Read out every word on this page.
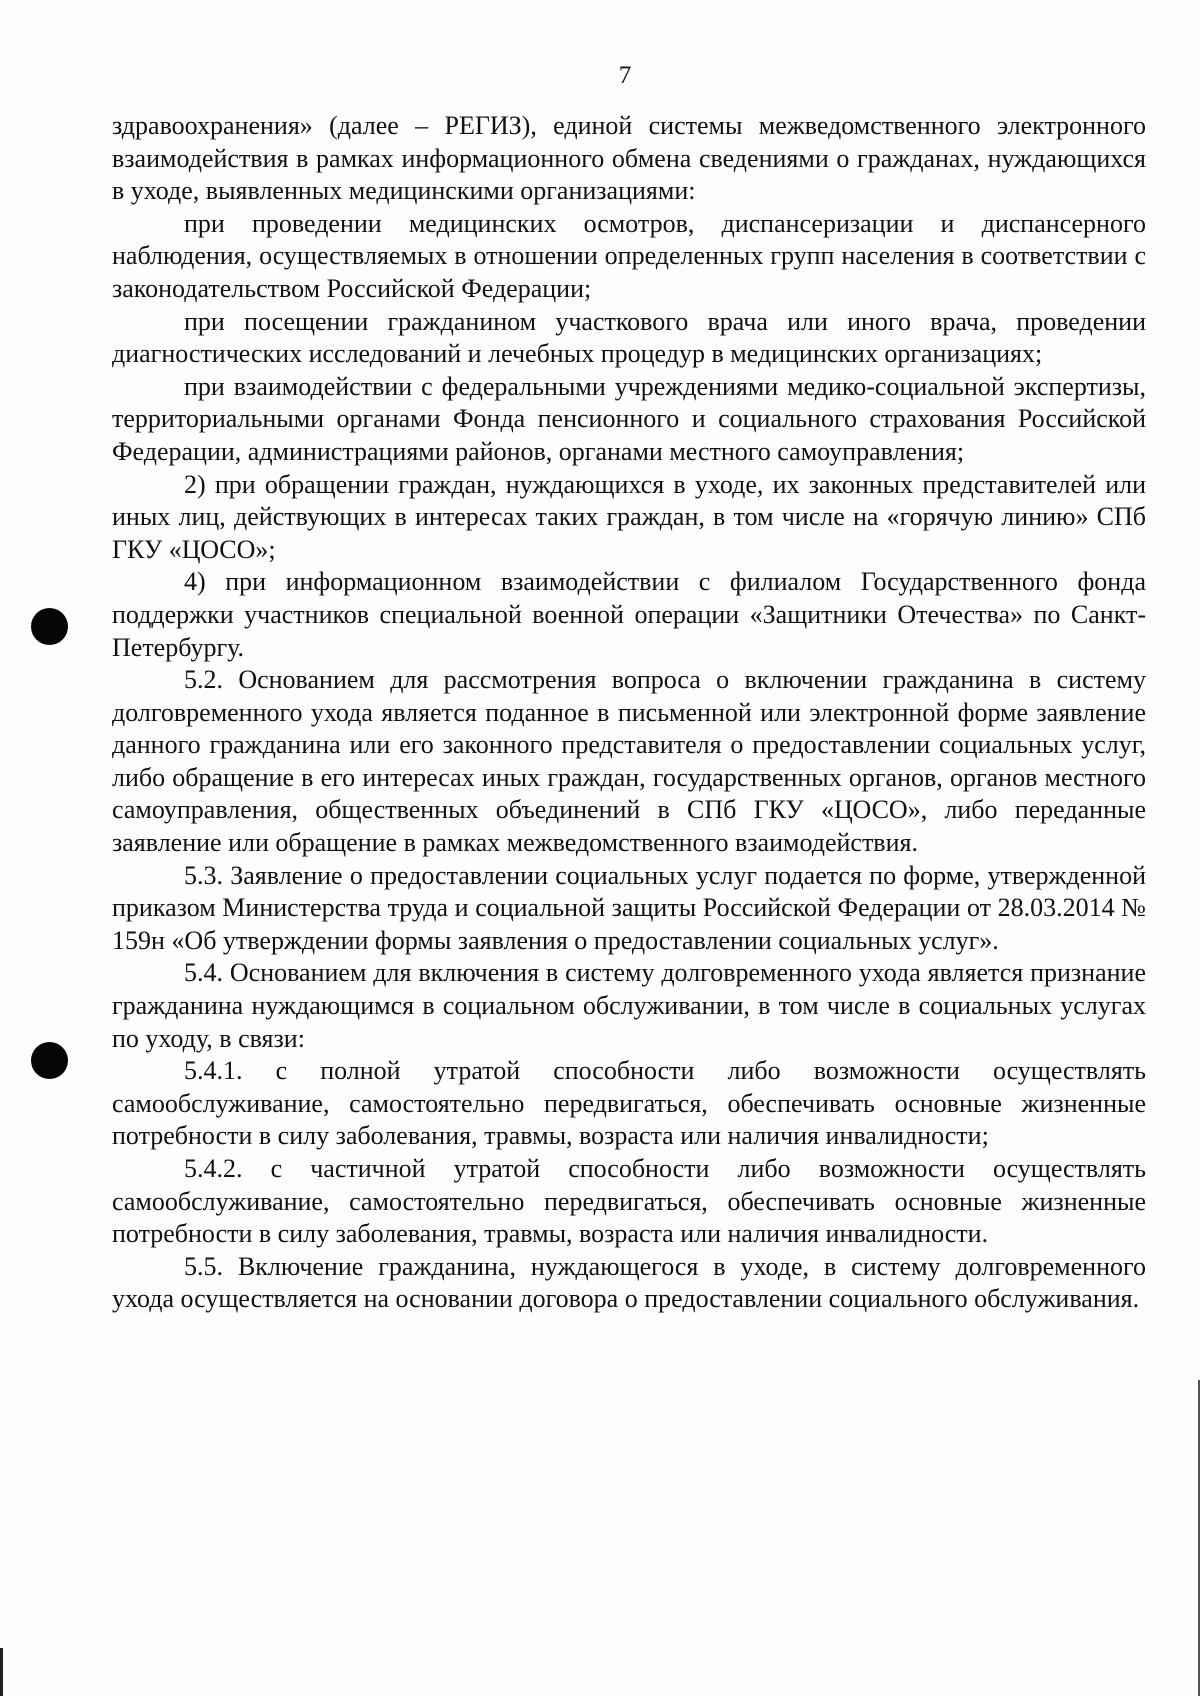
7

здравоохранения» (далее – РЕГИЗ), единой системы межведомственного электронного взаимодействия в рамках информационного обмена сведениями о гражданах, нуждающихся в уходе, выявленных медицинскими организациями:

при проведении медицинских осмотров, диспансеризации и диспансерного наблюдения, осуществляемых в отношении определенных групп населения в соответствии с законодательством Российской Федерации;

при посещении гражданином участкового врача или иного врача, проведении диагностических исследований и лечебных процедур в медицинских организациях;

при взаимодействии с федеральными учреждениями медико-социальной экспертизы, территориальными органами Фонда пенсионного и социального страхования Российской Федерации, администрациями районов, органами местного самоуправления;

2) при обращении граждан, нуждающихся в уходе, их законных представителей или иных лиц, действующих в интересах таких граждан, в том числе на «горячую линию» СПб ГКУ «ЦОСО»;

4) при информационном взаимодействии с филиалом Государственного фонда поддержки участников специальной военной операции «Защитники Отечества» по Санкт-Петербургу.

5.2. Основанием для рассмотрения вопроса о включении гражданина в систему долговременного ухода является поданное в письменной или электронной форме заявление данного гражданина или его законного представителя о предоставлении социальных услуг, либо обращение в его интересах иных граждан, государственных органов, органов местного самоуправления, общественных объединений в СПб ГКУ «ЦОСО», либо переданные заявление или обращение в рамках межведомственного взаимодействия.

5.3. Заявление о предоставлении социальных услуг подается по форме, утвержденной приказом Министерства труда и социальной защиты Российской Федерации от 28.03.2014 № 159н «Об утверждении формы заявления о предоставлении социальных услуг».

5.4. Основанием для включения в систему долговременного ухода является признание гражданина нуждающимся в социальном обслуживании, в том числе в социальных услугах по уходу, в связи:

5.4.1. с полной утратой способности либо возможности осуществлять самообслуживание, самостоятельно передвигаться, обеспечивать основные жизненные потребности в силу заболевания, травмы, возраста или наличия инвалидности;

5.4.2. с частичной утратой способности либо возможности осуществлять самообслуживание, самостоятельно передвигаться, обеспечивать основные жизненные потребности в силу заболевания, травмы, возраста или наличия инвалидности.

5.5. Включение гражданина, нуждающегося в уходе, в систему долговременного ухода осуществляется на основании договора о предоставлении социального обслуживания.
